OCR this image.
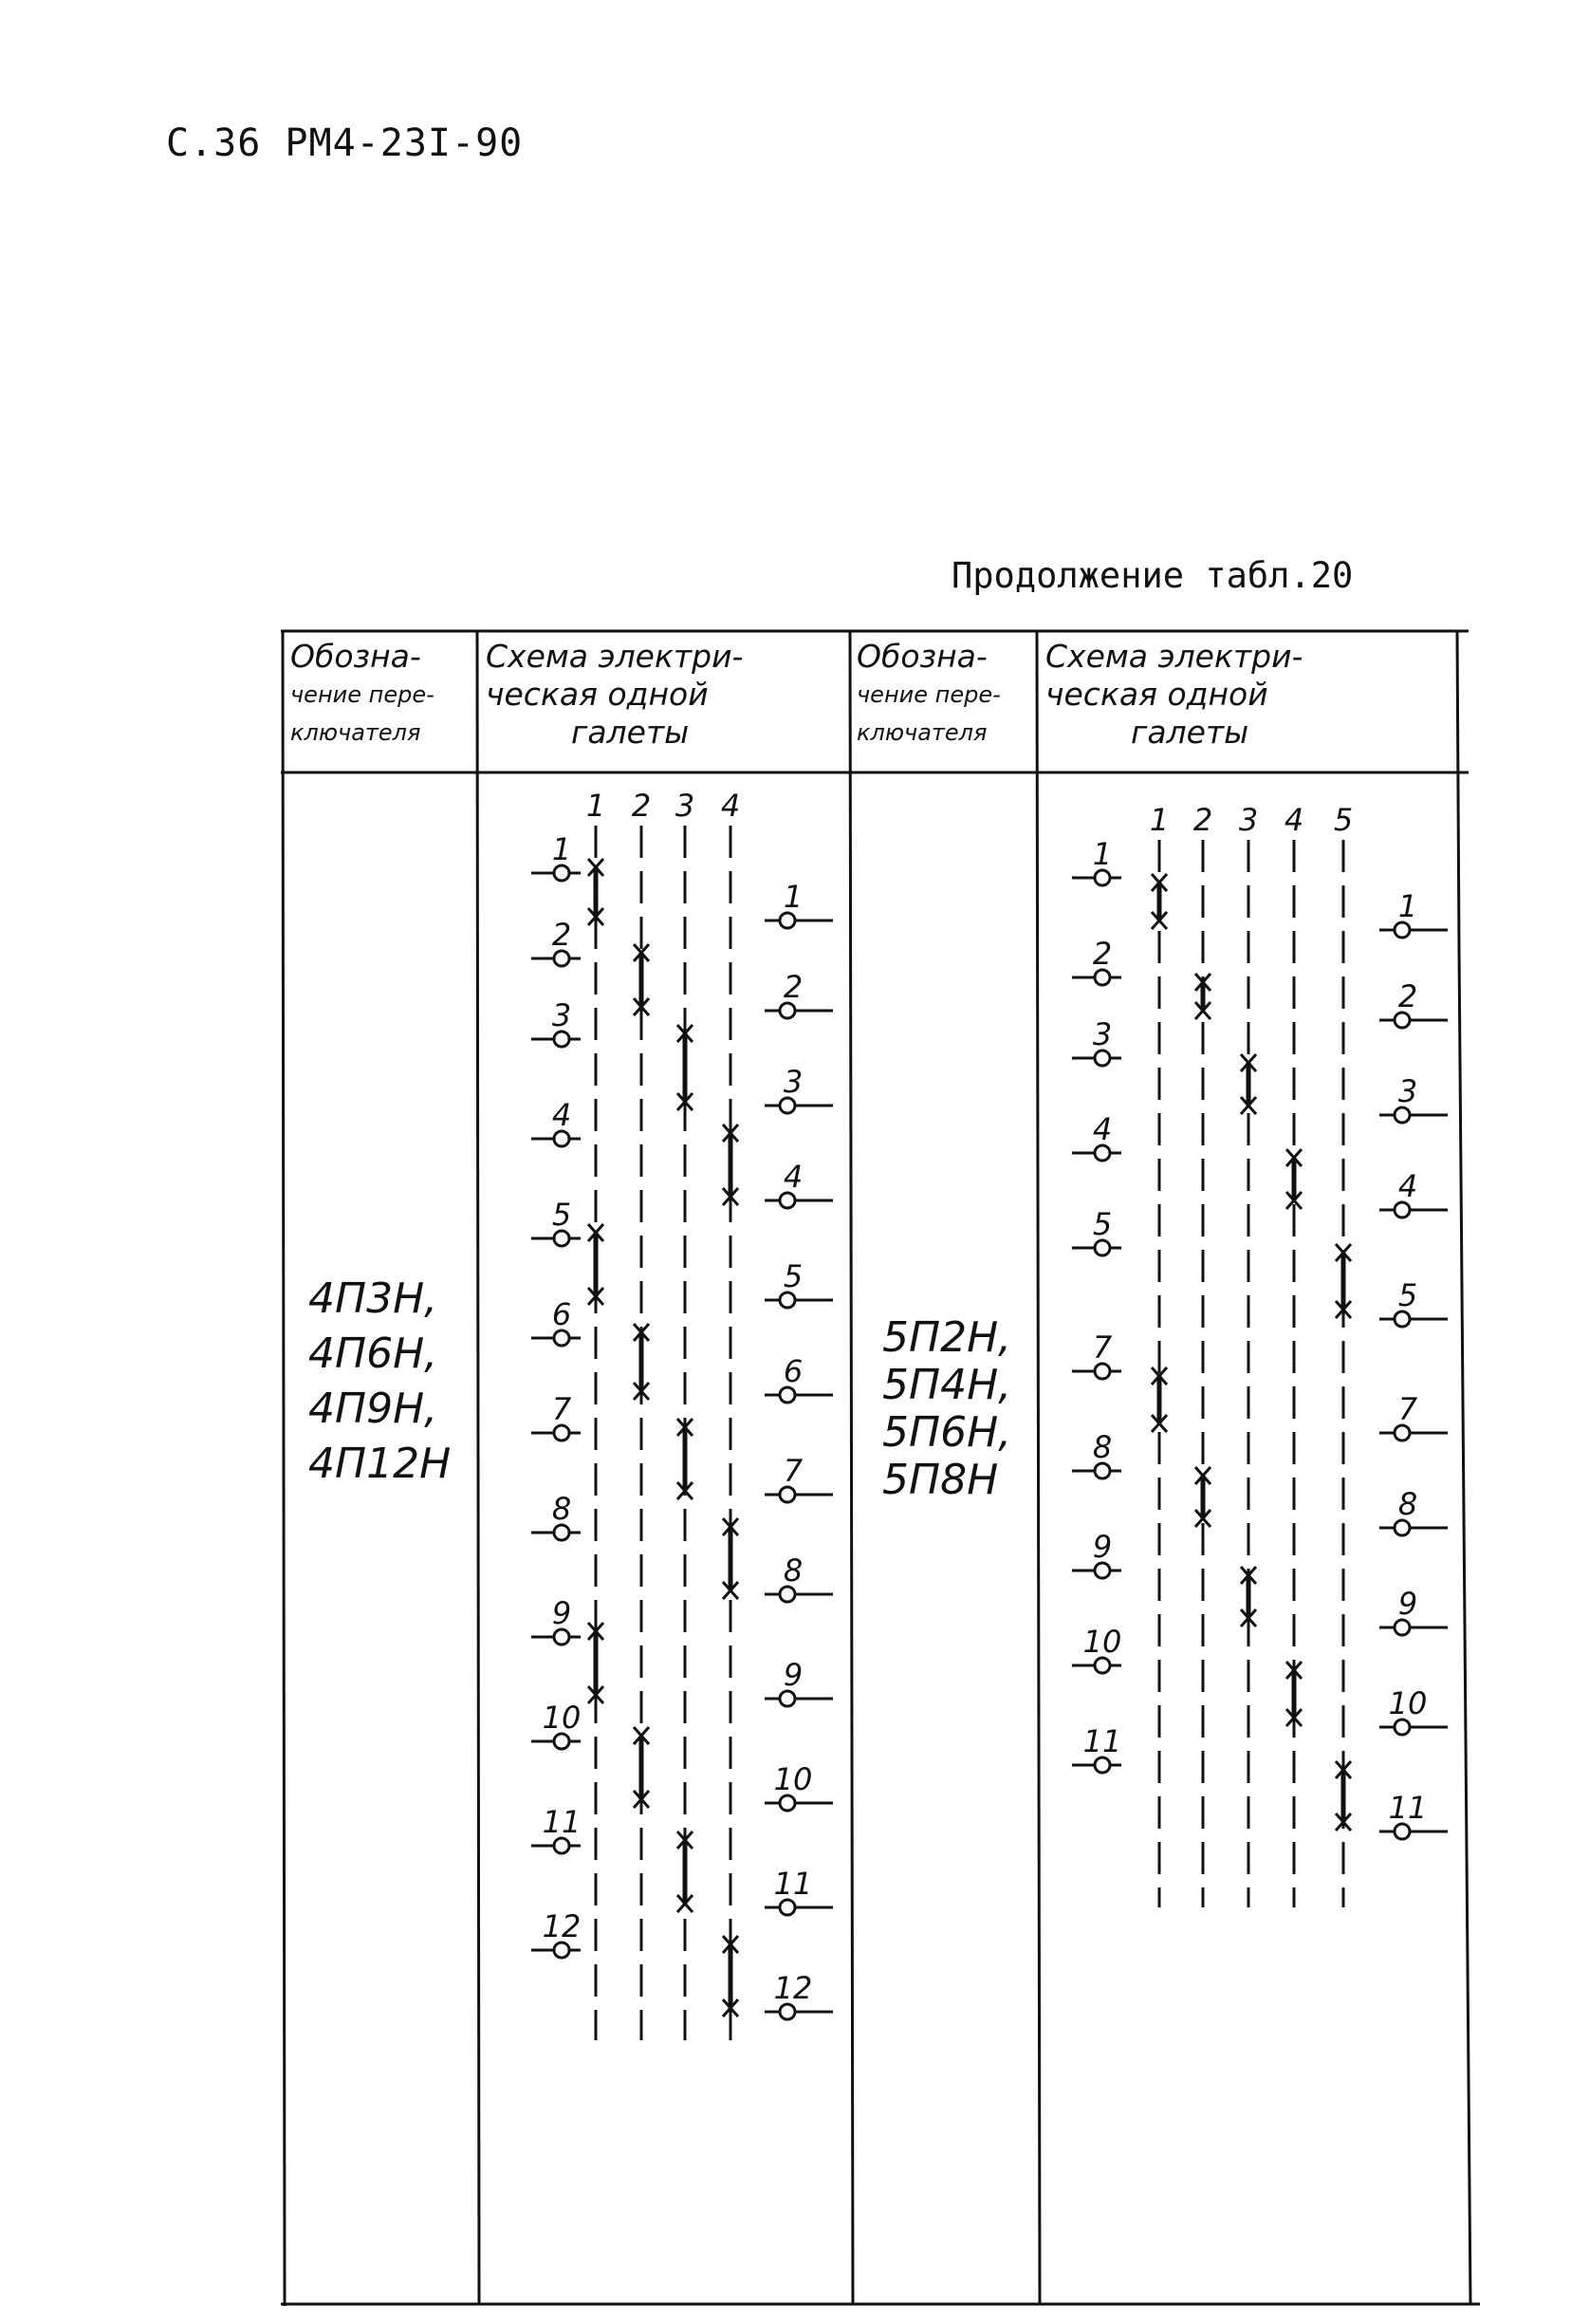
С.36 РМ4-23I-90
Продолжение табл.20
Обозна-
чение пере-
ключателя
Схема электри-
ческая одной
галеты
Обозна-
чение пере-
ключателя
Схема электри-
ческая одной
галеты
4П3Н,
4П6Н,
4П9Н,
4П12Н
5П2Н,
5П4Н,
5П6Н,
5П8Н
1 2 3 4
1
1
2
2
3
3
4
4
5
5
6
6
7
7
8
8
9
9
10
10
11
11
12
12
1 2 3 4 5
1
1
2
2
3
3
4
4
5
5
7
7
8
8
9
9
10
10
11
11
